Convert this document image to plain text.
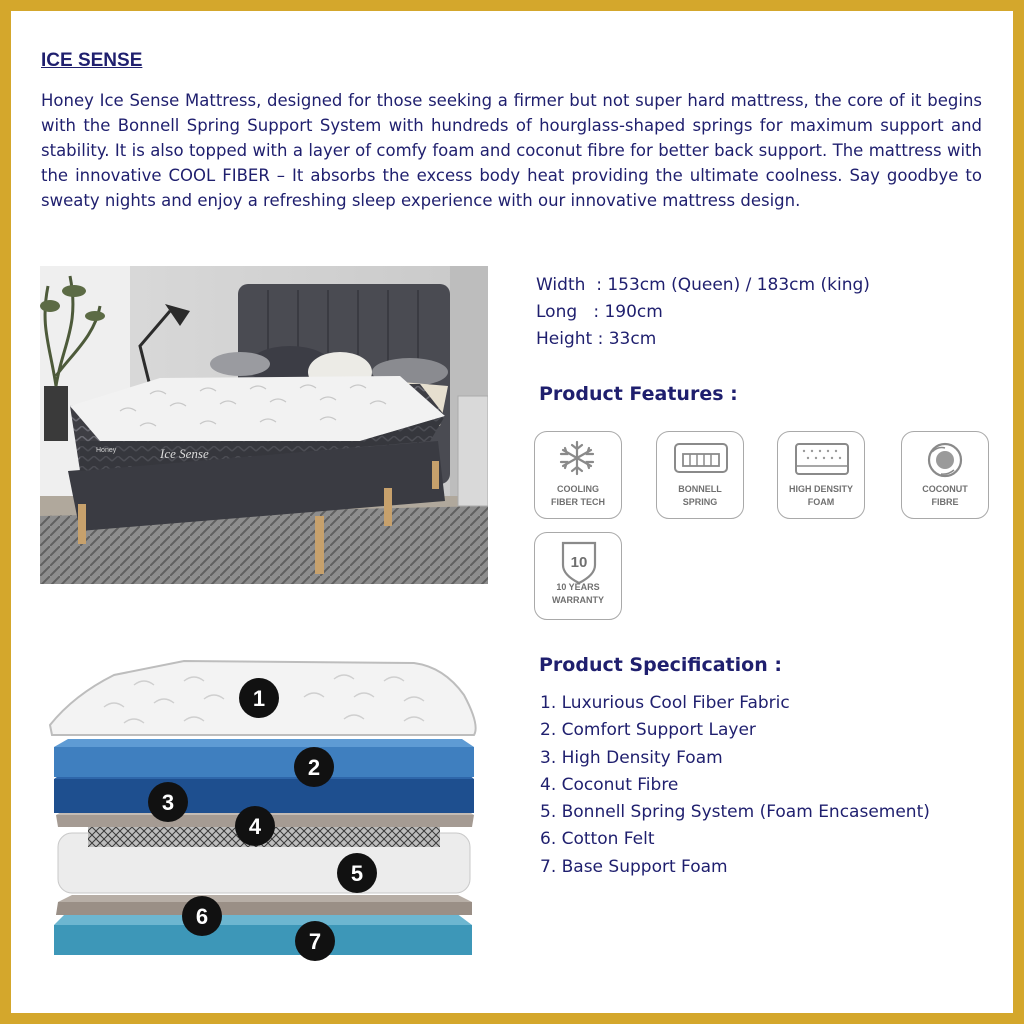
ICE SENSE

Honey Ice Sense Mattress, designed for those seeking a firmer but not super hard mattress, the core of it begins with the Bonnell Spring Support System with hundreds of hourglass-shaped springs for maximum support and stability. It is also topped with a layer of comfy foam and coconut fibre for better back support. The mattress with the innovative COOL FIBER – It absorbs the excess body heat providing the ultimate coolness. Say goodbye to sweaty nights and enjoy a refreshing sleep experience with our innovative mattress design.

Honey	Ice Sense
Width  : 153cm (Queen) / 183cm (king)
Long   : 190cm
Height : 33cm
Product Features :
COOLING
FIBER TECH
BONNELL
SPRING
HIGH DENSITY
FOAM
COCONUT
FIBRE
10
10 YEARS
WARRANTY
1
2
3
4
5
6
7
Product Specification :
1. Luxurious Cool Fiber Fabric
2. Comfort Support Layer
3. High Density Foam
4. Coconut Fibre
5. Bonnell Spring System (Foam Encasement)
6. Cotton Felt
7. Base Support Foam
